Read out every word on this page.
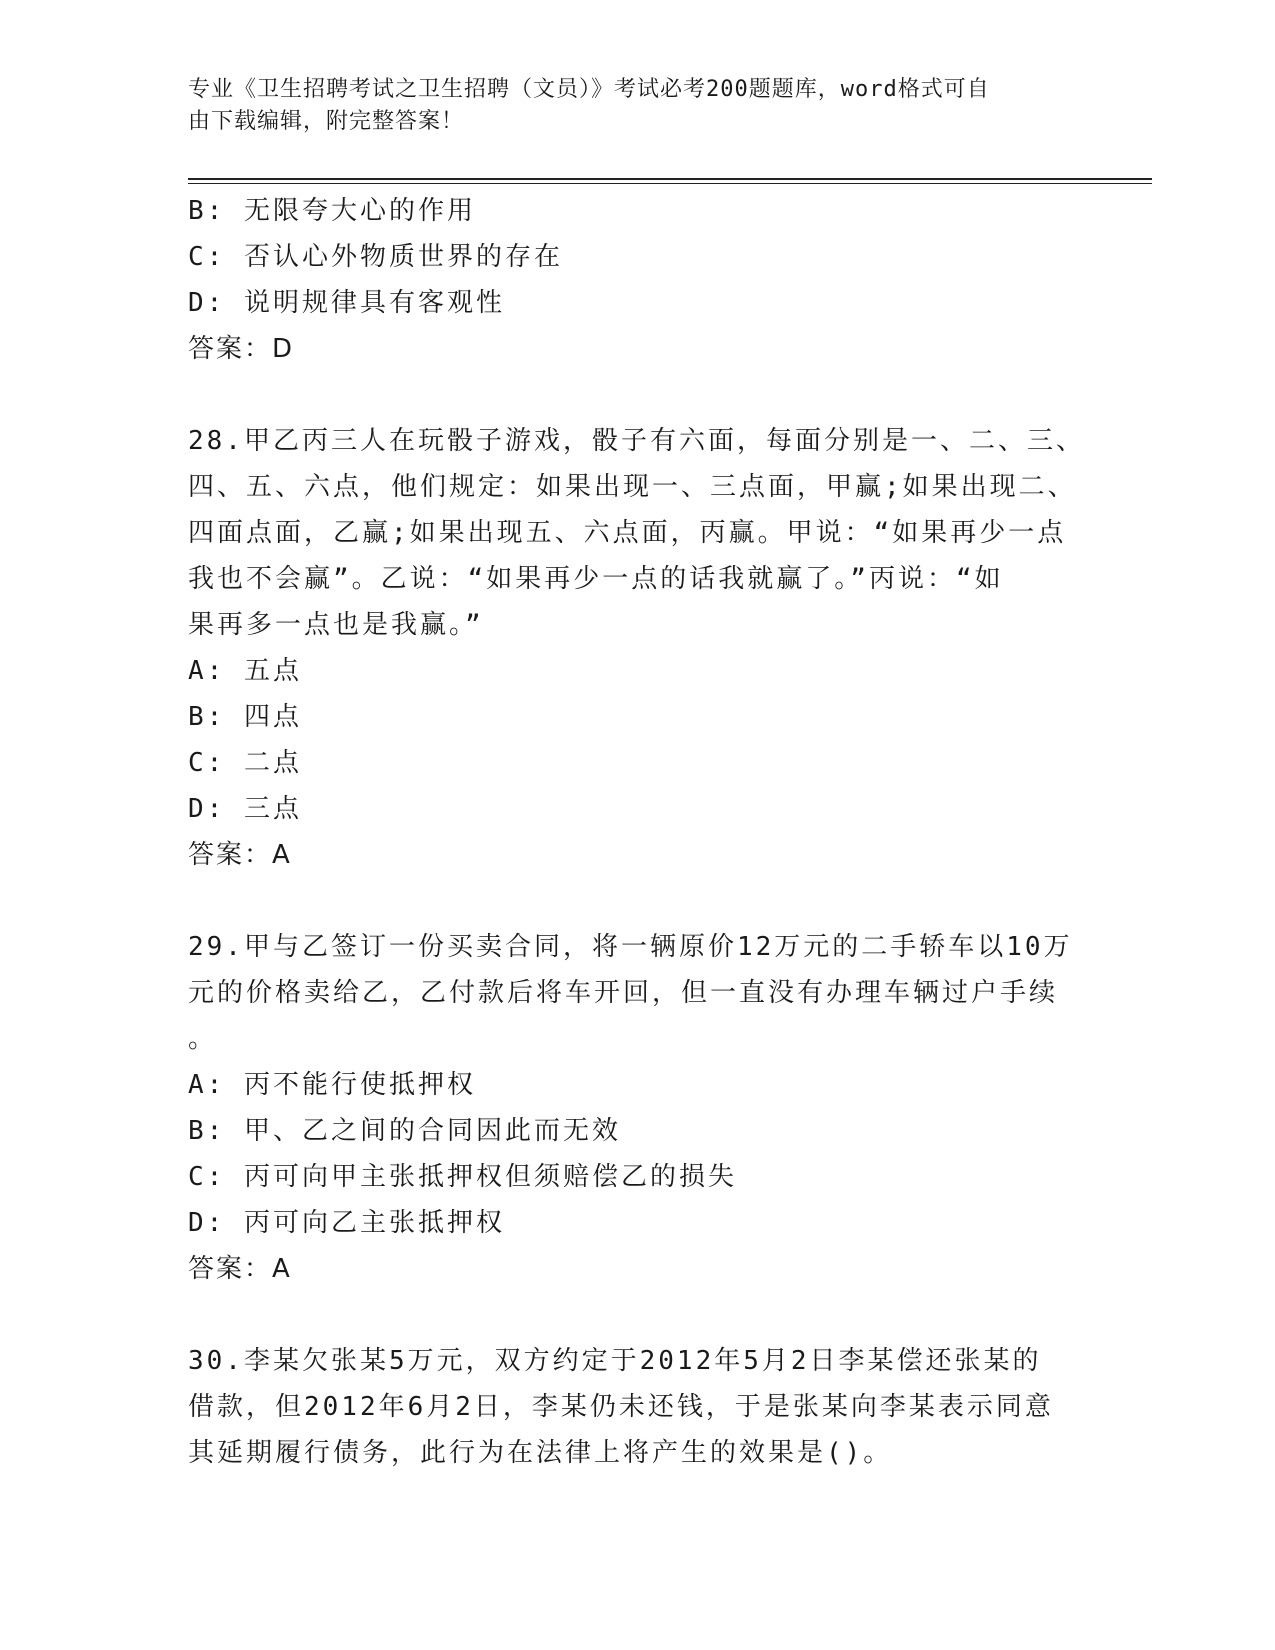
专业《卫生招聘考试之卫生招聘（文员）》考试必考200题题库，word格式可自
由下载编辑，附完整答案！
B: 无限夸大心的作用
C: 否认心外物质世界的存在
D: 说明规律具有客观性
答案：D
28.甲乙丙三人在玩骰子游戏，骰子有六面，每面分别是一、二、三、
四、五、六点，他们规定：如果出现一、三点面，甲赢;如果出现二、
四面点面，乙赢;如果出现五、六点面，丙赢。甲说：“如果再少一点
我也不会赢”。乙说：“如果再少一点的话我就赢了。”丙说：“如
果再多一点也是我赢。”
A: 五点
B: 四点
C: 二点
D: 三点
答案：A
29.甲与乙签订一份买卖合同，将一辆原价12万元的二手轿车以10万
元的价格卖给乙，乙付款后将车开回，但一直没有办理车辆过户手续
。
A: 丙不能行使抵押权
B: 甲、乙之间的合同因此而无效
C: 丙可向甲主张抵押权但须赔偿乙的损失
D: 丙可向乙主张抵押权
答案：A
30.李某欠张某5万元，双方约定于2012年5月2日李某偿还张某的
借款，但2012年6月2日，李某仍未还钱，于是张某向李某表示同意
其延期履行债务，此行为在法律上将产生的效果是()。
